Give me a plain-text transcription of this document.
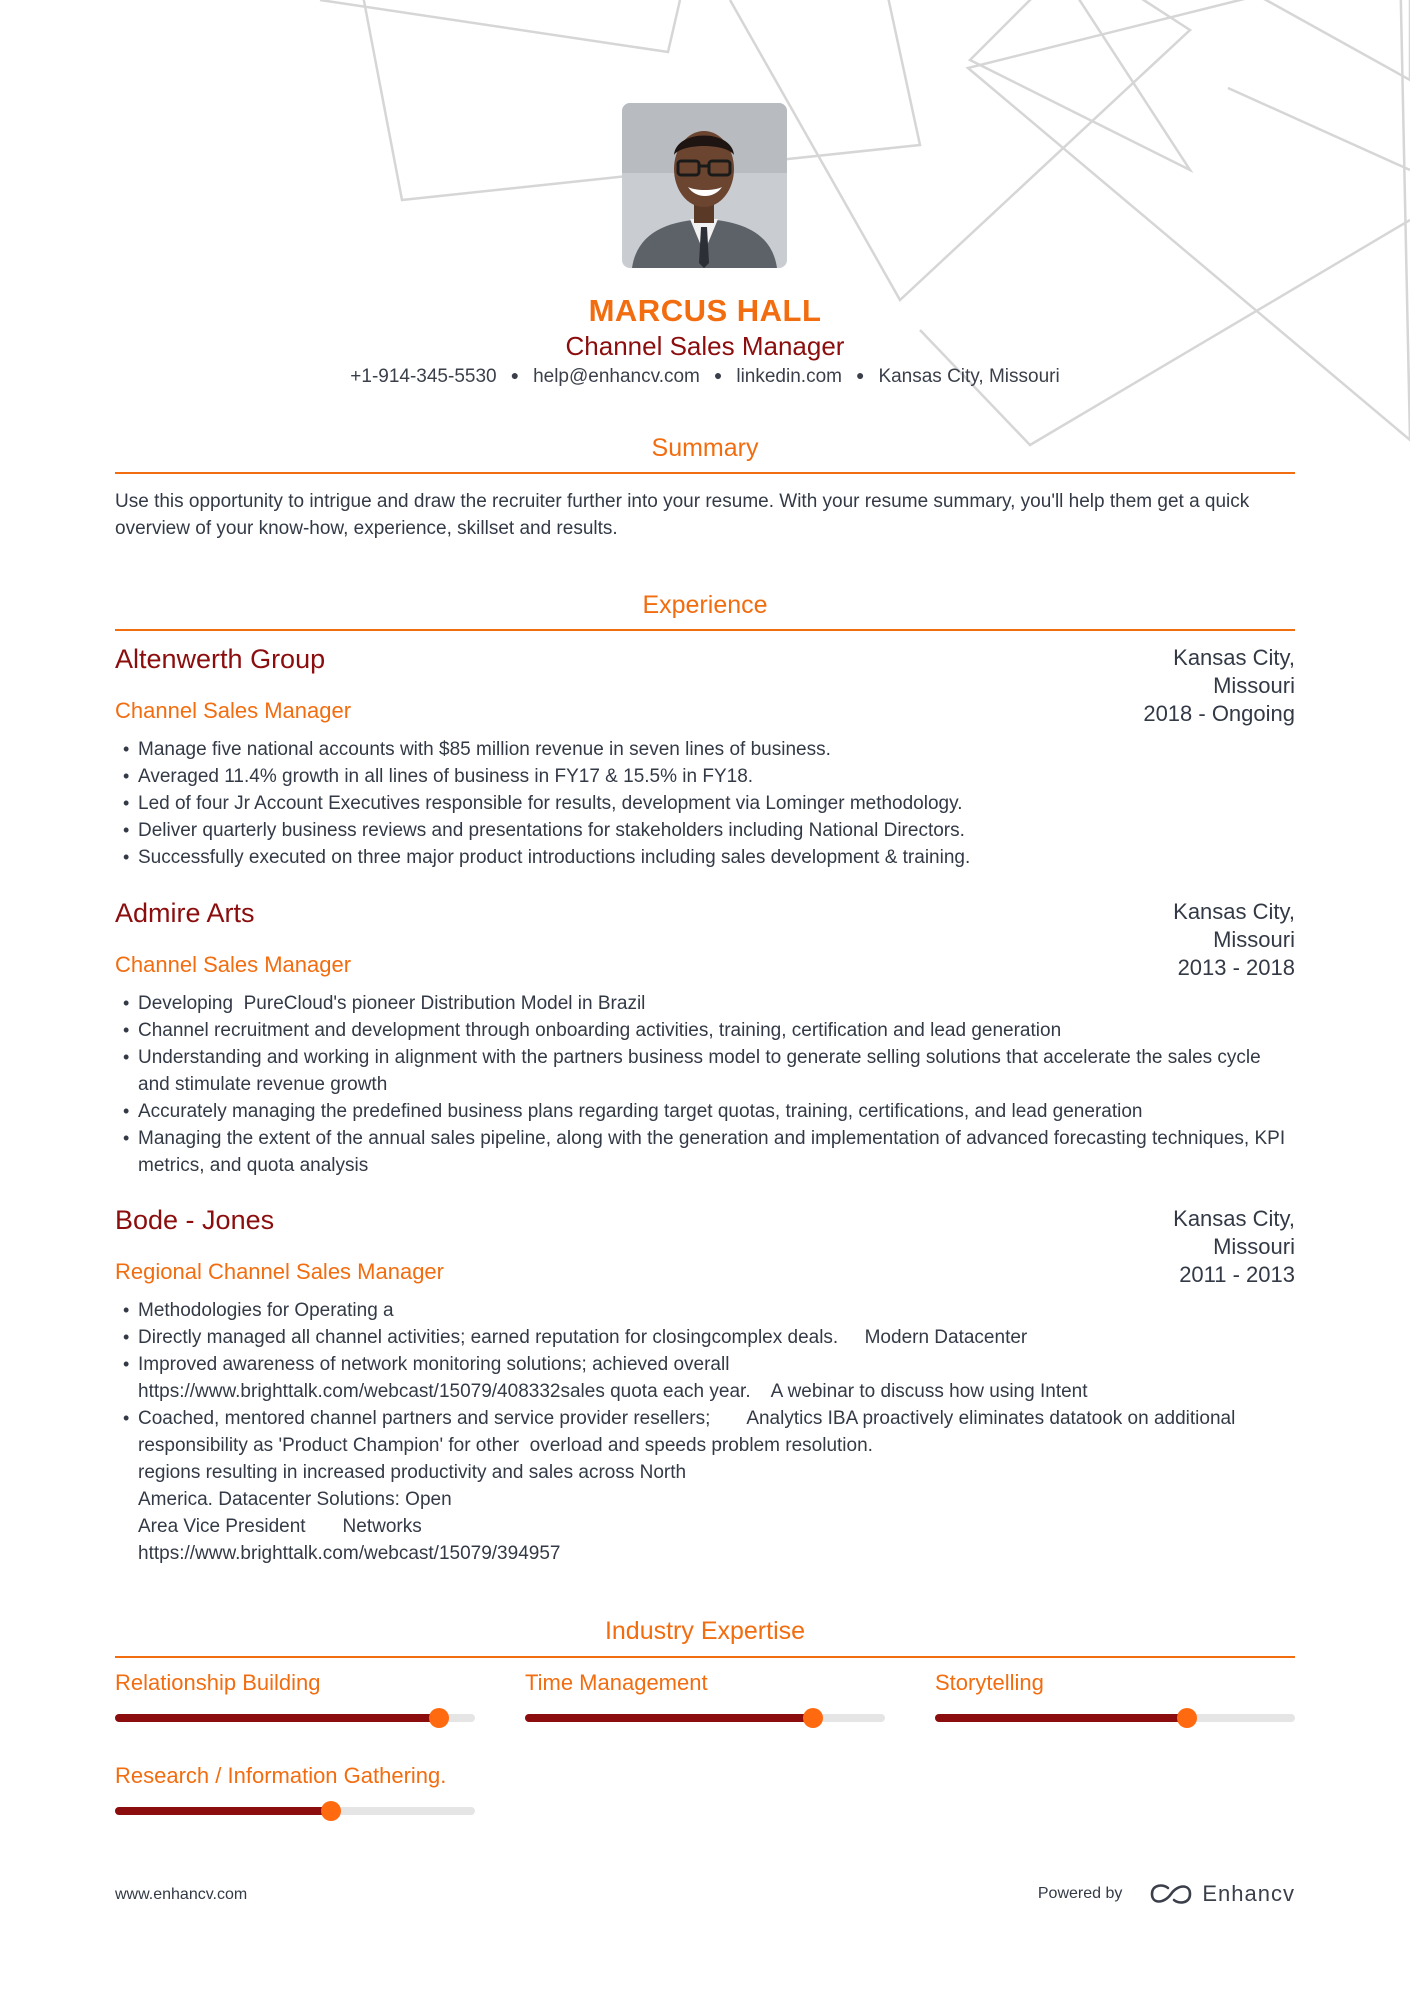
MARCUS HALL
Channel Sales Manager
+1-914-345-5530 ● help@enhancv.com ● linkedin.com ● Kansas City, Missouri
Summary
Use this opportunity to intrigue and draw the recruiter further into your resume. With your resume summary, you'll help them get a quick overview of your know-how, experience, skillset and results.
Experience
Altenwerth Group	Kansas City, Missouri
2018 - Ongoing
Channel Sales Manager
• Manage five national accounts with $85 million revenue in seven lines of business.
• Averaged 11.4% growth in all lines of business in FY17 & 15.5% in FY18.
• Led of four Jr Account Executives responsible for results, development via Lominger methodology.
• Deliver quarterly business reviews and presentations for stakeholders including National Directors.
• Successfully executed on three major product introductions including sales development & training.
Admire Arts	Kansas City, Missouri
2013 - 2018
Channel Sales Manager
• Developing  PureCloud's pioneer Distribution Model in Brazil
• Channel recruitment and development through onboarding activities, training, certification and lead generation
• Understanding and working in alignment with the partners business model to generate selling solutions that accelerate the sales cycle and stimulate revenue growth
• Accurately managing the predefined business plans regarding target quotas, training, certifications, and lead generation
• Managing the extent of the annual sales pipeline, along with the generation and implementation of advanced forecasting techniques, KPI metrics, and quota analysis
Bode - Jones	Kansas City, Missouri
2011 - 2013
Regional Channel Sales Manager
• Methodologies for Operating a
• Directly managed all channel activities; earned reputation for closingcomplex deals.     Modern Datacenter
• Improved awareness of network monitoring solutions; achieved overall
https://www.brighttalk.com/webcast/15079/408332sales quota each year.    A webinar to discuss how using Intent
• Coached, mentored channel partners and service provider resellers;       Analytics IBA proactively eliminates datatook on additional responsibility as 'Product Champion' for other  overload and speeds problem resolution.
regions resulting in increased productivity and sales across North
America. Datacenter Solutions: Open
Area Vice President       Networks
https://www.brighttalk.com/webcast/15079/394957
Industry Expertise
Relationship Building	Time Management	Storytelling
Research / Information Gathering.
www.enhancv.com	Powered by	Enhancv
